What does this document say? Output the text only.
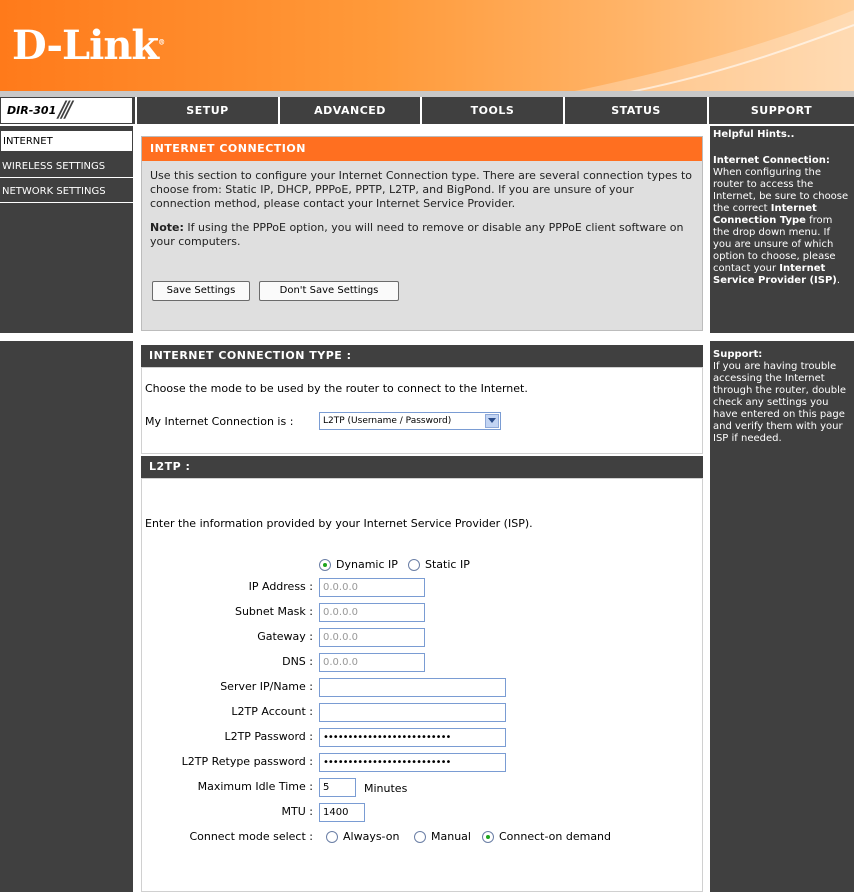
D-Link®
DIR-301 ///	SETUP	ADVANCED	TOOLS	STATUS	SUPPORT
INTERNET
WIRELESS SETTINGS
NETWORK SETTINGS
Helpful Hints..
Internet Connection:
When configuring the router to access the Internet, be sure to choose the correct Internet Connection Type from the drop down menu. If you are unsure of which option to choose, please contact your Internet Service Provider (ISP).
Support:
If you are having trouble accessing the Internet through the router, double check any settings you have entered on this page and verify them with your ISP if needed.
INTERNET CONNECTION
Use this section to configure your Internet Connection type. There are several connection types to choose from: Static IP, DHCP, PPPoE, PPTP, L2TP, and BigPond. If you are unsure of your connection method, please contact your Internet Service Provider.
Note: If using the PPPoE option, you will need to remove or disable any PPPoE client software on your computers.
Save Settings	Don't Save Settings
INTERNET CONNECTION TYPE :
Choose the mode to be used by the router to connect to the Internet.
My Internet Connection is :	L2TP (Username / Password)
L2TP :
Enter the information provided by your Internet Service Provider (ISP).
Dynamic IP Static IP
IP Address :	0.0.0.0
Subnet Mask :	0.0.0.0
Gateway :	0.0.0.0
DNS :	0.0.0.0
Server IP/Name :
L2TP Account :
L2TP Password :	••••••••••••••••••••••••••
L2TP Retype password :	••••••••••••••••••••••••••
Maximum Idle Time :	5	Minutes
MTU :	1400
Connect mode select :	Always-on	Manual	Connect-on demand
